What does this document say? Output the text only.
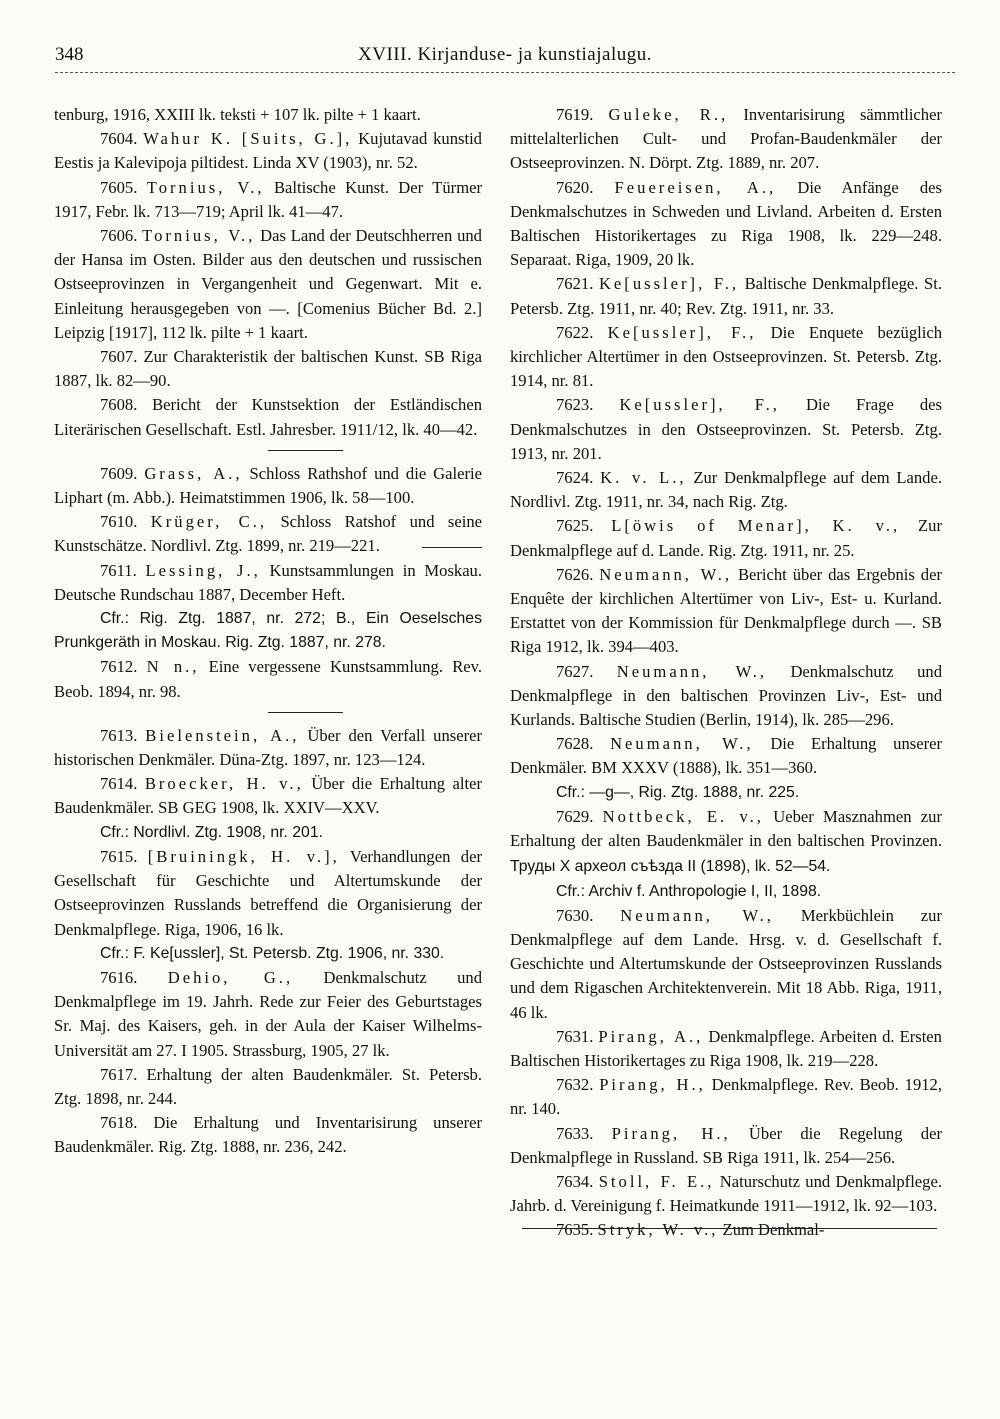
348	XVIII. Kirjanduse- ja kunstiajalugu.

tenburg, 1916, XXIII lk. teksti + 107 lk. pilte + 1 kaart.

7604. Wahur K. [Suits, G.], Kujutavad kunstid Eestis ja Kalevipoja piltidest. Linda XV (1903), nr. 52.

7605. Tornius, V., Baltische Kunst. Der Türmer 1917, Febr. lk. 713—719; April lk. 41—47.

7606. Tornius, V., Das Land der Deutschherren und der Hansa im Osten. Bilder aus den deutschen und russischen Ostseeprovinzen in Vergangenheit und Gegenwart. Mit e. Einleitung herausgegeben von —. [Comenius Bücher Bd. 2.] Leipzig [1917], 112 lk. pilte + 1 kaart.

7607. Zur Charakteristik der baltischen Kunst. SB Riga 1887, lk. 82—90.

7608. Bericht der Kunstsektion der Estländischen Literärischen Gesellschaft. Estl. Jahresber. 1911/12, lk. 40—42.

7609. Grass, A., Schloss Rathshof und die Galerie Liphart (m. Abb.). Heimatstimmen 1906, lk. 58—100.

7610. Krüger, C., Schloss Ratshof und seine Kunstschätze. Nordlivl. Ztg. 1899, nr. 219—221.

7611. Lessing, J., Kunstsammlungen in Moskau. Deutsche Rundschau 1887, December Heft.

Cfr.: Rig. Ztg. 1887, nr. 272; B., Ein Oeselsches Prunkgeräth in Moskau. Rig. Ztg. 1887, nr. 278.

7612. N n., Eine vergessene Kunstsammlung. Rev. Beob. 1894, nr. 98.

7613. Bielenstein, A., Über den Verfall unserer historischen Denkmäler. Düna-Ztg. 1897, nr. 123—124.

7614. Broecker, H. v., Über die Erhaltung alter Baudenkmäler. SB GEG 1908, lk. XXIV—XXV.

Cfr.: Nordlivl. Ztg. 1908, nr. 201.

7615. [Bruiningk, H. v.], Verhandlungen der Gesellschaft für Geschichte und Altertumskunde der Ostseeprovinzen Russlands betreffend die Organisierung der Denkmalpflege. Riga, 1906, 16 lk.

Cfr.: F. Ke[ussler], St. Petersb. Ztg. 1906, nr. 330.

7616. Dehio, G., Denkmalschutz und Denkmalpflege im 19. Jahrh. Rede zur Feier des Geburtstages Sr. Maj. des Kaisers, geh. in der Aula der Kaiser Wilhelms-Universität am 27. I 1905. Strassburg, 1905, 27 lk.

7617. Erhaltung der alten Baudenkmäler. St. Petersb. Ztg. 1898, nr. 244.

7618. Die Erhaltung und Inventarisirung unserer Baudenkmäler. Rig. Ztg. 1888, nr. 236, 242.

7619. Guleke, R., Inventarisirung sämmtlicher mittelalterlichen Cult- und Profan-Baudenkmäler der Ostseeprovinzen. N. Dörpt. Ztg. 1889, nr. 207.

7620. Feuereisen, A., Die Anfänge des Denkmalschutzes in Schweden und Livland. Arbeiten d. Ersten Baltischen Historikertages zu Riga 1908, lk. 229—248. Separaat. Riga, 1909, 20 lk.

7621. Ke[ussler], F., Baltische Denkmalpflege. St. Petersb. Ztg. 1911, nr. 40; Rev. Ztg. 1911, nr. 33.

7622. Ke[ussler], F., Die Enquete bezüglich kirchlicher Altertümer in den Ostseeprovinzen. St. Petersb. Ztg. 1914, nr. 81.

7623. Ke[ussler], F., Die Frage des Denkmalschutzes in den Ostseeprovinzen. St. Petersb. Ztg. 1913, nr. 201.

7624. K. v. L., Zur Denkmalpflege auf dem Lande. Nordlivl. Ztg. 1911, nr. 34, nach Rig. Ztg.

7625. L[öwis of Menar], K. v., Zur Denkmalpflege auf d. Lande. Rig. Ztg. 1911, nr. 25.

7626. Neumann, W., Bericht über das Ergebnis der Enquête der kirchlichen Altertümer von Liv-, Est- u. Kurland. Erstattet von der Kommission für Denkmalpflege durch —. SB Riga 1912, lk. 394—403.

7627. Neumann, W., Denkmalschutz und Denkmalpflege in den baltischen Provinzen Liv-, Est- und Kurlands. Baltische Studien (Berlin, 1914), lk. 285—296.

7628. Neumann, W., Die Erhaltung unserer Denkmäler. BM XXXV (1888), lk. 351—360.

Cfr.: —g—, Rig. Ztg. 1888, nr. 225.

7629. Nottbeck, E. v., Ueber Masznahmen zur Erhaltung der alten Baudenkmäler in den baltischen Provinzen. Труды X археол съѣзда II (1898), lk. 52—54.

Cfr.: Archiv f. Anthropologie I, II, 1898.

7630. Neumann, W., Merkbüchlein zur Denkmalpflege auf dem Lande. Hrsg. v. d. Gesellschaft f. Geschichte und Altertumskunde der Ostseeprovinzen Russlands und dem Rigaschen Architektenverein. Mit 18 Abb. Riga, 1911, 46 lk.

7631. Pirang, A., Denkmalpflege. Arbeiten d. Ersten Baltischen Historikertages zu Riga 1908, lk. 219—228.

7632. Pirang, H., Denkmalpflege. Rev. Beob. 1912, nr. 140.

7633. Pirang, H., Über die Regelung der Denkmalpflege in Russland. SB Riga 1911, lk. 254—256.

7634. Stoll, F. E., Naturschutz und Denkmalpflege. Jahrb. d. Vereinigung f. Heimatkunde 1911—1912, lk. 92—103.

7635. Stryk, W. v., Zum Denkmal-
